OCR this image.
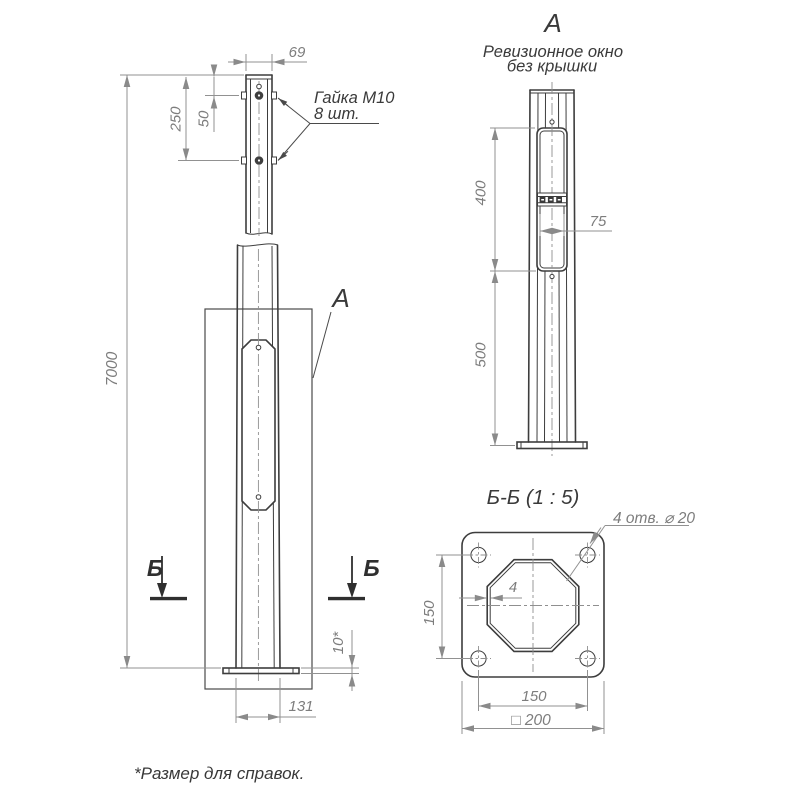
69
50
250
7000
131
10*
Гайка М10
8 шт.
А
Б	Б
А
Ревизионное окно
без крышки
400
500
75
Б-Б (1 : 5)
4 отв. ⌀ 20
150
4
150
□ 200
*Размер для справок.
